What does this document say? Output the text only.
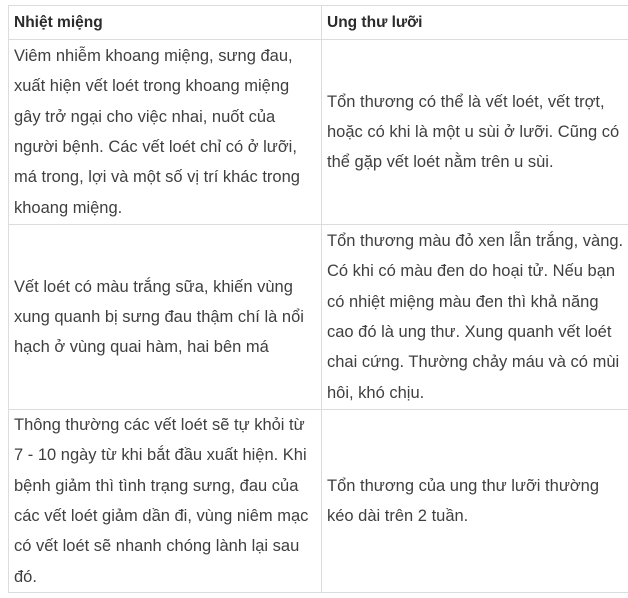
Nhiệt miệng	Ung thư lưỡi
Viêm nhiễm khoang miệng, sưng đau, xuất hiện vết loét trong khoang miệng gây trở ngại cho việc nhai, nuốt của người bệnh. Các vết loét chỉ có ở lưỡi, má trong, lợi và một số vị trí khác trong khoang miệng.	Tổn thương có thể là vết loét, vết trợt, hoặc có khi là một u sùi ở lưỡi. Cũng có thể gặp vết loét nằm trên u sùi.
Vết loét có màu trắng sữa, khiến vùng xung quanh bị sưng đau thậm chí là nổi hạch ở vùng quai hàm, hai bên má	Tổn thương màu đỏ xen lẫn trắng, vàng. Có khi có màu đen do hoại tử. Nếu bạn có nhiệt miệng màu đen thì khả năng cao đó là ung thư. Xung quanh vết loét chai cứng. Thường chảy máu và có mùi hôi, khó chịu.
Thông thường các vết loét sẽ tự khỏi từ 7 - 10 ngày từ khi bắt đầu xuất hiện. Khi bệnh giảm thì tình trạng sưng, đau của các vết loét giảm dần đi, vùng niêm mạc có vết loét sẽ nhanh chóng lành lại sau đó.	Tổn thương của ung thư lưỡi thường kéo dài trên 2 tuần.
